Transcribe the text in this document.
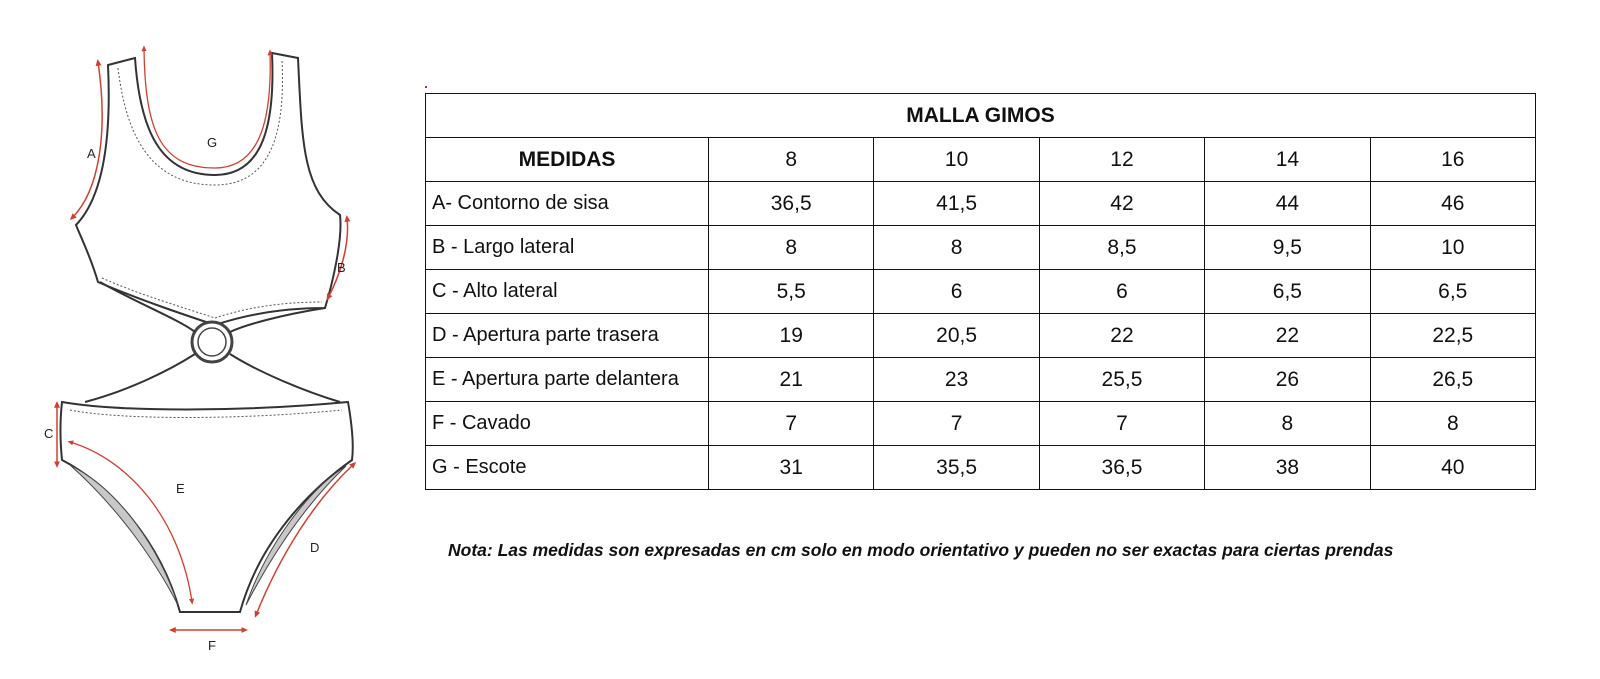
A
G
B
C
E
D
F
MALLA GIMOS					
MEDIDAS	8	10	12	14	16
A- Contorno de sisa	36,5	41,5	42	44	46
B - Largo lateral	8	8	8,5	9,5	10
C - Alto lateral	5,5	6	6	6,5	6,5
D - Apertura parte trasera	19	20,5	22	22	22,5
E - Apertura parte delantera	21	23	25,5	26	26,5
F - Cavado	7	7	7	8	8
G - Escote	31	35,5	36,5	38	40
Nota: Las medidas son expresadas en cm solo en modo orientativo y pueden no ser exactas para ciertas prendas
